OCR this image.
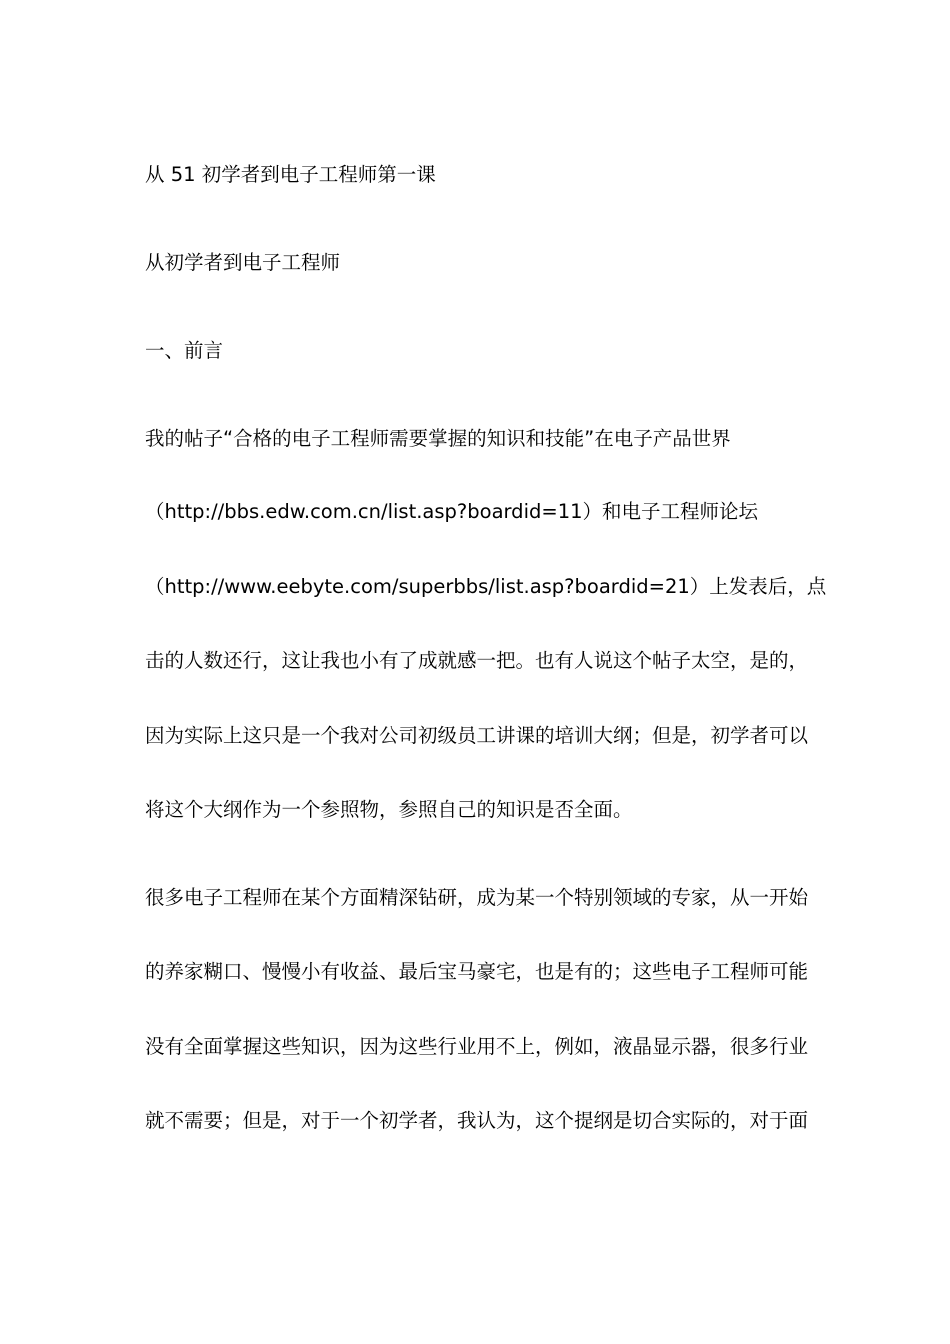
从 51 初学者到电子工程师第一课

从初学者到电子工程师

一、前言

我的帖子“合格的电子工程师需要掌握的知识和技能”在电子产品世界

（http://bbs.edw.com.cn/list.asp?boardid=11）和电子工程师论坛

（http://www.eebyte.com/superbbs/list.asp?boardid=21）上发表后，点

击的人数还行，这让我也小有了成就感一把。也有人说这个帖子太空，是的，

因为实际上这只是一个我对公司初级员工讲课的培训大纲；但是，初学者可以

将这个大纲作为一个参照物，参照自己的知识是否全面。

很多电子工程师在某个方面精深钻研，成为某一个特别领域的专家，从一开始

的养家糊口、慢慢小有收益、最后宝马豪宅，也是有的；这些电子工程师可能

没有全面掌握这些知识，因为这些行业用不上，例如，液晶显示器，很多行业

就不需要；但是，对于一个初学者，我认为，这个提纲是切合实际的，对于面
